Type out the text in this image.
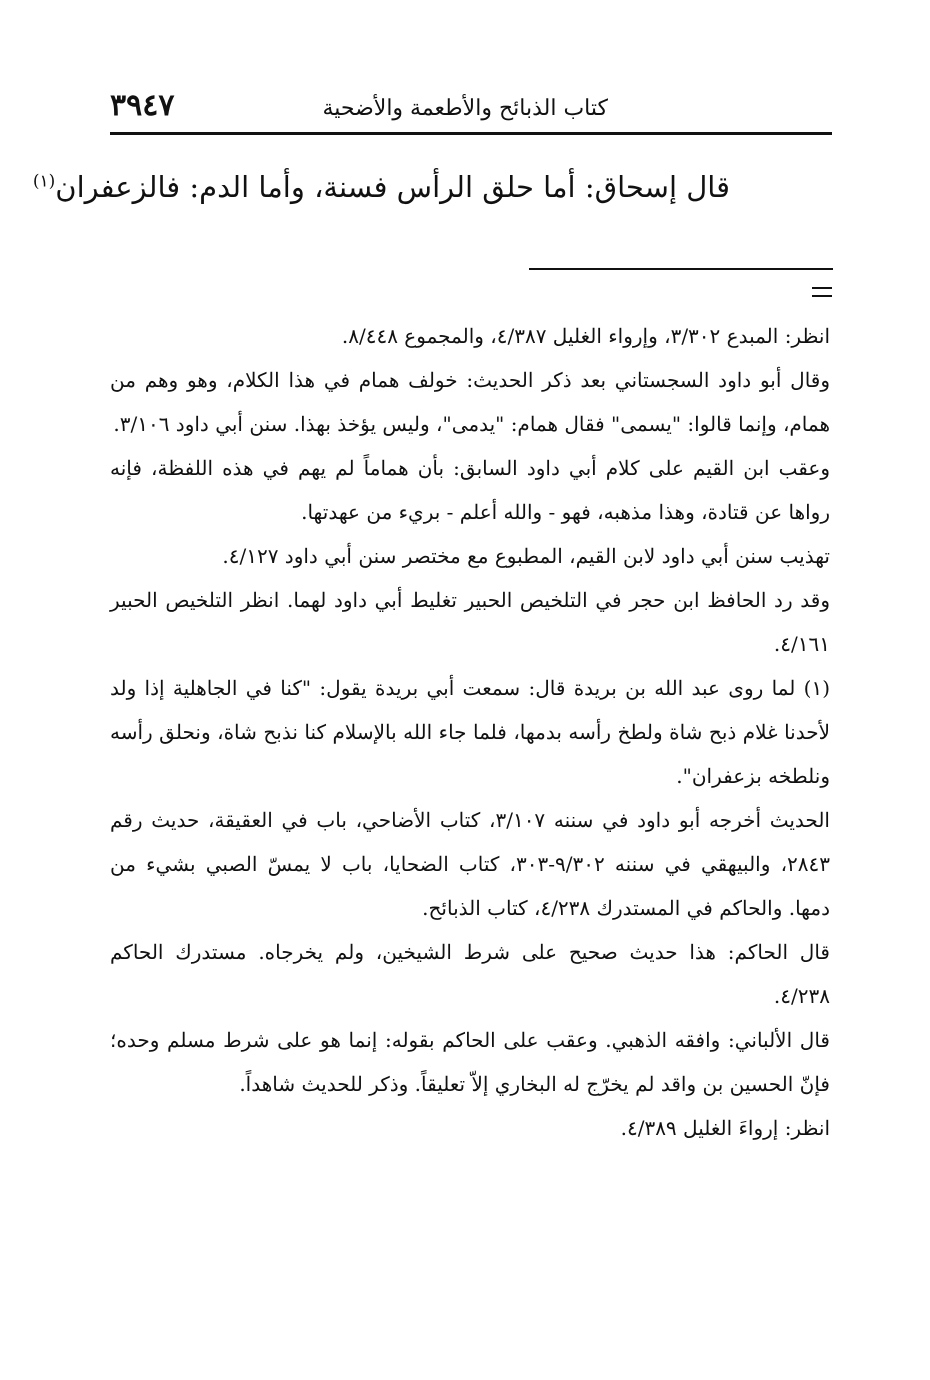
كتاب الذبائح والأطعمة والأضحية
٣٩٤٧
قال إسحاق: أما حلق الرأس فسنة، وأما الدم: فالزعفران$^{(١)}$

انظر: المبدع ٣/٣٠٢، وإرواء الغليل ٤/٣٨٧، والمجموع ٨/٤٤٨.

وقال أبو داود السجستاني بعد ذكر الحديث: خولف همام في هذا الكلام، وهو وهم من همام، وإنما قالوا: "يسمى" فقال همام: "يدمى"، وليس يؤخذ بهذا. سنن أبي داود ٣/١٠٦.

وعقب ابن القيم على كلام أبي داود السابق: بأن هماماً لم يهم في هذه اللفظة، فإنه رواها عن قتادة، وهذا مذهبه، فهو - والله أعلم - بريء من عهدتها.

تهذيب سنن أبي داود لابن القيم، المطبوع مع مختصر سنن أبي داود ٤/١٢٧.

وقد رد الحافظ ابن حجر في التلخيص الحبير تغليط أبي داود لهما. انظر التلخيص الحبير ٤/١٦١.

(١) لما روى عبد الله بن بريدة قال: سمعت أبي بريدة يقول: "كنا في الجاهلية إذا ولد لأحدنا غلام ذبح شاة ولطخ رأسه بدمها، فلما جاء الله بالإسلام كنا نذبح شاة، ونحلق رأسه ونلطخه بزعفران".

الحديث أخرجه أبو داود في سننه ٣/١٠٧، كتاب الأضاحي، باب في العقيقة، حديث رقم ٢٨٤٣، والبيهقي في سننه ٩/٣٠٢-٣٠٣، كتاب الضحايا، باب لا يمسّ الصبي بشيء من دمها. والحاكم في المستدرك ٤/٢٣٨، كتاب الذبائح.

قال الحاكم: هذا حديث صحيح على شرط الشيخين، ولم يخرجاه. مستدرك الحاكم ٤/٢٣٨.

قال الألباني: وافقه الذهبي. وعقب على الحاكم بقوله: إنما هو على شرط مسلم وحده؛ فإنّ الحسين بن واقد لم يخرّج له البخاري إلاّ تعليقاً. وذكر للحديث شاهداً.

انظر: إرواءَ الغليل ٤/٣٨٩.
